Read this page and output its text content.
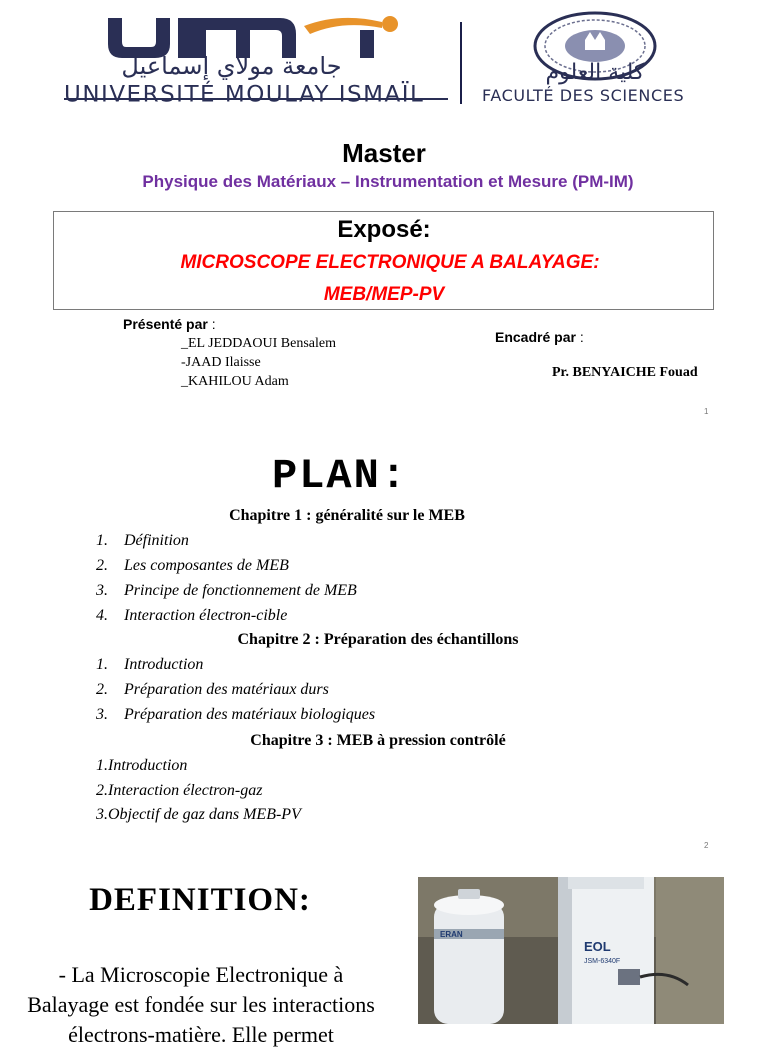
جامعة مولاي إسماعيل
UNIVERSITÉ MOULAY ISMAÏL
كلية العلوم
FACULTÉ DES SCIENCES
Master
Physique des Matériaux – Instrumentation et Mesure (PM-IM)
Exposé:
MICROSCOPE ELECTRONIQUE A BALAYAGE:
MEB/MEP-PV
Présenté par :
_EL JEDDAOUI Bensalem
-JAAD Ilaisse
_KAHILOU Adam
Encadré par :
Pr. BENYAICHE Fouad
1
PLAN:
Chapitre 1 : généralité sur le MEB
1. Définition
2. Les composantes de MEB
3. Principe de fonctionnement de MEB
4. Interaction électron-cible
Chapitre 2 : Préparation des échantillons
1. Introduction
2. Préparation des matériaux durs
3. Préparation des matériaux biologiques
Chapitre 3 : MEB à pression contrôlé
1.Introduction
2.Interaction électron-gaz
3.Objectif de gaz dans MEB-PV
2
DEFINITION:
- La Microscopie Electronique à
Balayage est fondée sur les interactions
électrons-matière. Elle permet
ERAN
EOL
JSM-6340F
